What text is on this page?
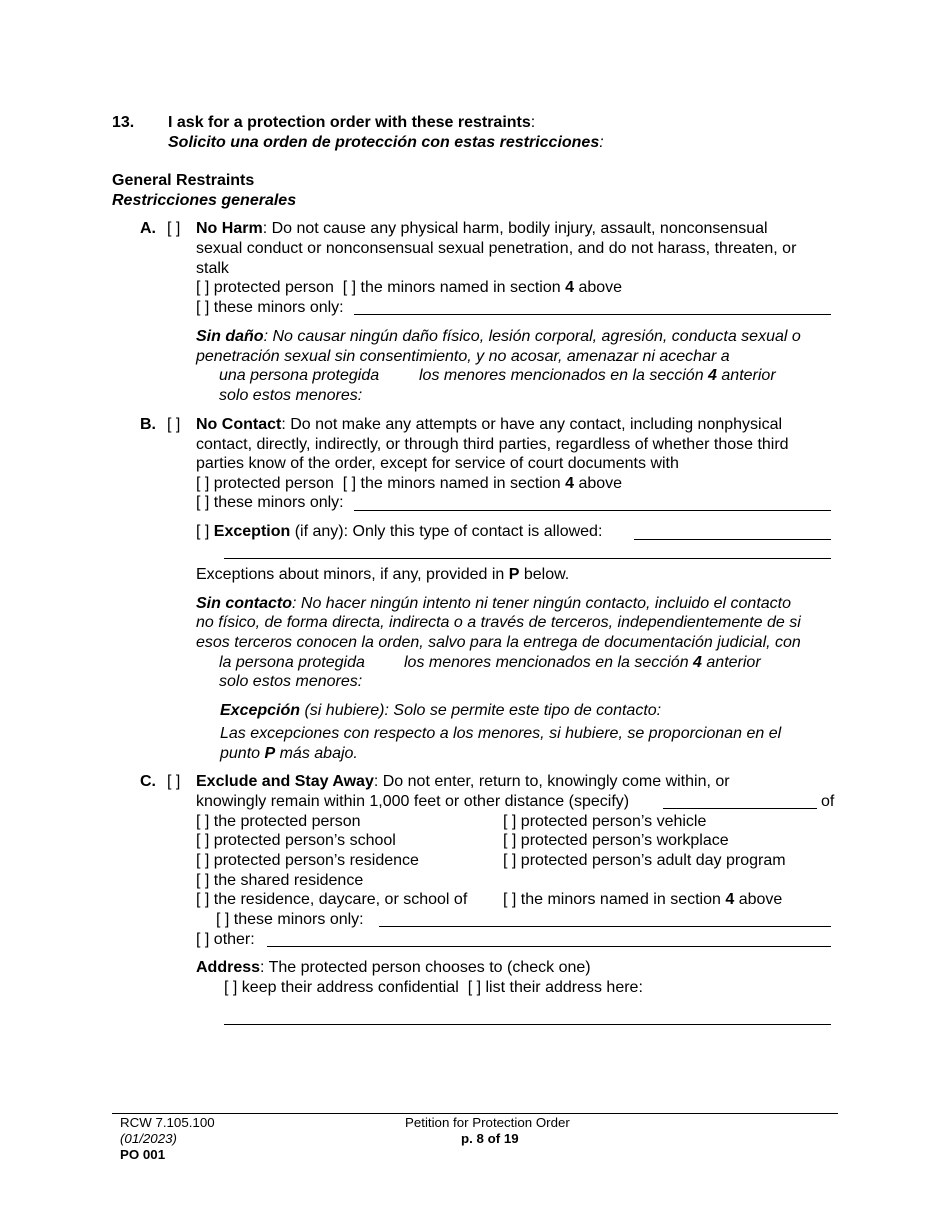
13. I ask for a protection order with these restraints:
Solicito una orden de protección con estas restricciones:
General Restraints
Restricciones generales
A. [ ] No Harm: Do not cause any physical harm, bodily injury, assault, nonconsensual
sexual conduct or nonconsensual sexual penetration, and do not harass, threaten, or
stalk
[ ] protected person [ ] the minors named in section 4 above
[ ] these minors only:
Sin daño: No causar ningún daño físico, lesión corporal, agresión, conducta sexual o
penetración sexual sin consentimiento, y no acosar, amenazar ni acechar a
una persona protegida los menores mencionados en la sección 4 anterior
solo estos menores:
B. [ ] No Contact: Do not make any attempts or have any contact, including nonphysical
contact, directly, indirectly, or through third parties, regardless of whether those third
parties know of the order, except for service of court documents with
[ ] protected person [ ] the minors named in section 4 above
[ ] these minors only:
[ ] Exception (if any): Only this type of contact is allowed:
Exceptions about minors, if any, provided in P below.
Sin contacto: No hacer ningún intento ni tener ningún contacto, incluido el contacto
no físico, de forma directa, indirecta o a través de terceros, independientemente de si
esos terceros conocen la orden, salvo para la entrega de documentación judicial, con
la persona protegida los menores mencionados en la sección 4 anterior
solo estos menores:
Excepción (si hubiere): Solo se permite este tipo de contacto:
Las excepciones con respecto a los menores, si hubiere, se proporcionan en el
punto P más abajo.
C. [ ] Exclude and Stay Away: Do not enter, return to, knowingly come within, or
knowingly remain within 1,000 feet or other distance (specify)	of
[ ] the protected person	[ ] protected person’s vehicle
[ ] protected person’s school	[ ] protected person’s workplace
[ ] protected person’s residence	[ ] protected person’s adult day program
[ ] the shared residence
[ ] the residence, daycare, or school of [ ] the minors named in section 4 above
[ ] these minors only:
[ ] other:
Address: The protected person chooses to (check one)
[ ] keep their address confidential [ ] list their address here:
RCW 7.105.100
(01/2023)
PO 001
Petition for Protection Order
p. 8 of 19
